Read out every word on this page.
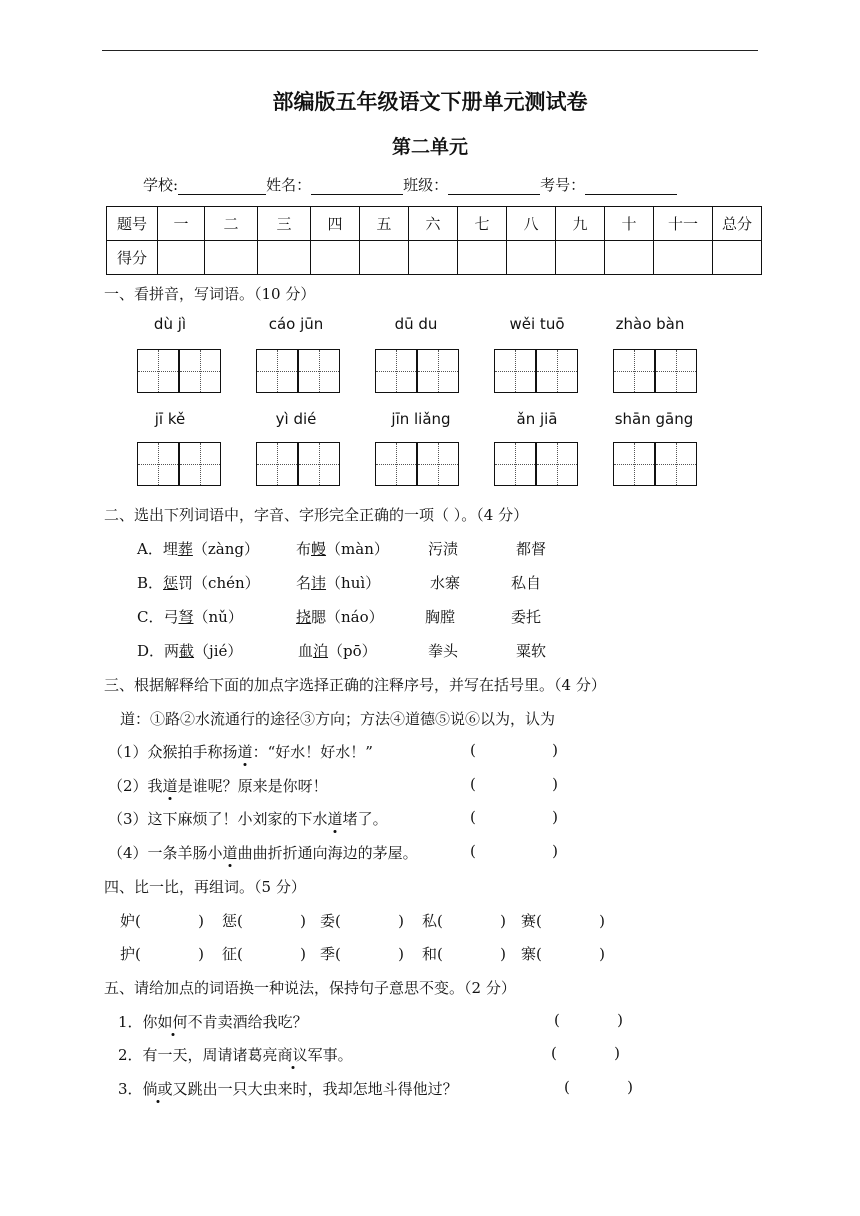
部编版五年级语文下册单元测试卷
第二单元
学校:	姓名：	班级：	考号：
题号	一	二	三	四	五	六	七	八	九	十	十一	总分
得分												
一、看拼音，写词语。（10 分）
dù jì	cáo jūn	dū du	wěi tuō	zhào bàn
jī kě	yì dié	jīn liǎng	ǎn jiā	shān gāng
二、选出下列词语中，字音、字形完全正确的一项（ ）。（4 分）
A．埋葬（zàng） 布幔（màn）	污渍	都督
B．惩罚（chén） 名讳（huì）	水寨	私自
C．弓弩（nǔ）	挠腮（náo）	胸膛	委托
D．两截（jié）	血泊（pō）	拳头	粟软
三、根据解释给下面的加点字选择正确的注释序号，并写在括号里。（4 分）
道：①路②水流通行的途径③方向；方法④道德⑤说⑥以为，认为
（1）众猴拍手称扬道：“好水！好水！”	(                )
（2）我道是谁呢？原来是你呀！	(                )
（3）这下麻烦了！小刘家的下水道堵了。	(                )
（4）一条羊肠小道曲曲折折通向海边的茅屋。	(                )
四、比一比，再组词。（5 分）
妒(            ) 惩(            ) 委(            ) 私(            ) 赛(            )
护(            ) 征(            ) 季(            ) 和(            ) 寨(            )
五、请给加点的词语换一种说法，保持句子意思不变。（2 分）
1．你如何不肯卖酒给我吃？	(            )
2．有一天，周请诸葛亮商议军事。	(            )
3．倘或又跳出一只大虫来时，我却怎地斗得他过？	(            )
